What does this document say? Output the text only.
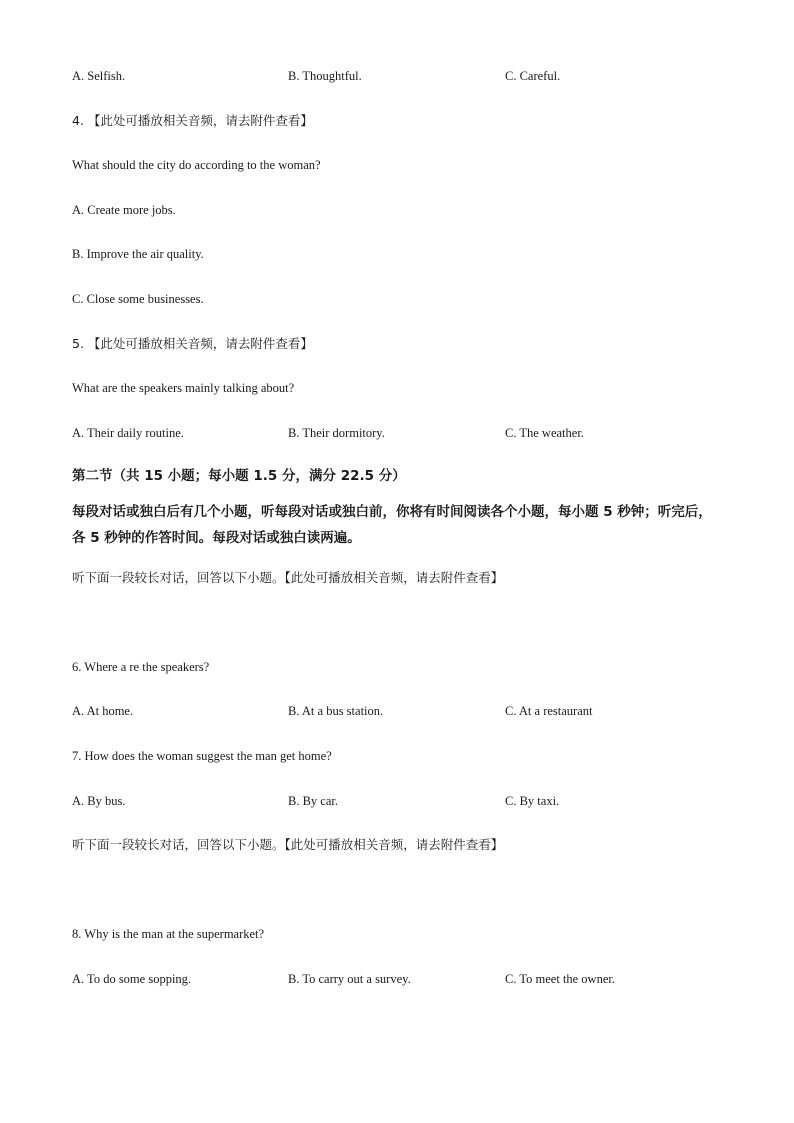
A. Selfish.	B. Thoughtful.	C. Careful.
4. 【此处可播放相关音频，请去附件查看】
What should the city do according to the woman?
A. Create more jobs.
B. Improve the air quality.
C. Close some businesses.
5. 【此处可播放相关音频，请去附件查看】
What are the speakers mainly talking about?
A. Their daily routine.	B. Their dormitory.	C. The weather.
第二节（共 15 小题；每小题 1.5 分，满分 22.5 分）
每段对话或独白后有几个小题，听每段对话或独白前，你将有时间阅读各个小题，每小题 5 秒钟；听完后，各 5 秒钟的作答时间。每段对话或独白读两遍。
听下面一段较长对话，回答以下小题。【此处可播放相关音频，请去附件查看】
6. Where a re the speakers?
A. At home.	B. At a bus station.	C. At a restaurant
7. How does the woman suggest the man get home?
A. By bus.	B. By car.	C. By taxi.
听下面一段较长对话，回答以下小题。【此处可播放相关音频，请去附件查看】
8. Why is the man at the supermarket?
A. To do some sopping.	B. To carry out a survey.	C. To meet the owner.
